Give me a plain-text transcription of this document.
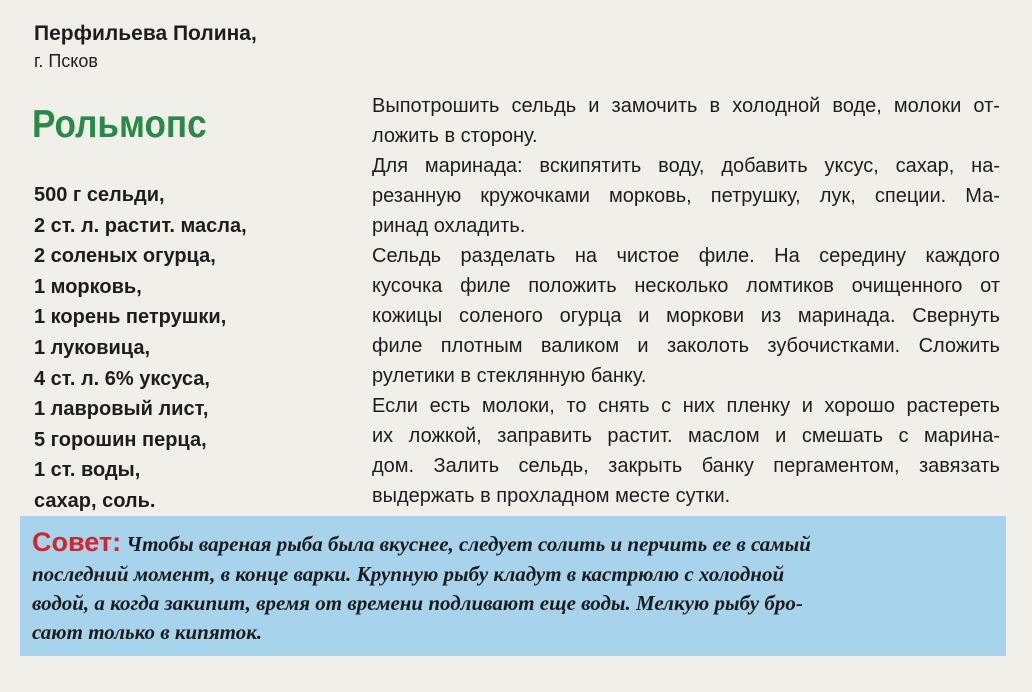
Перфильева Полина,
г. Псков
Рольмопс
500 г сельди,
2 ст. л. растит. масла,
2 соленых огурца,
1 морковь,
1 корень петрушки,
1 луковица,
4 ст. л. 6% уксуса,
1 лавровый лист,
5 горошин перца,
1 ст. воды,
сахар, соль.
Выпотрошить сельдь и замочить в холодной воде, молоки от-
ложить в сторону.
Для маринада: вскипятить воду, добавить уксус, сахар, на-
резанную кружочками морковь, петрушку, лук, специи. Ма-
ринад охладить.
Сельдь разделать на чистое филе. На середину каждого
кусочка филе положить несколько ломтиков очищенного от
кожицы соленого огурца и моркови из маринада. Свернуть
филе плотным валиком и заколоть зубочистками. Сложить
рулетики в стеклянную банку.
Если есть молоки, то снять с них пленку и хорошо растереть
их ложкой, заправить растит. маслом и смешать с марина-
дом. Залить сельдь, закрыть банку пергаментом, завязать
выдержать в прохладном месте сутки.
Совет: Чтобы вареная рыба была вкуснее, следует солить и перчить ее в самый
последний момент, в конце варки. Крупную рыбу кладут в кастрюлю с холодной
водой, а когда закипит, время от времени подливают еще воды. Мелкую рыбу бро-
сают только в кипяток.
